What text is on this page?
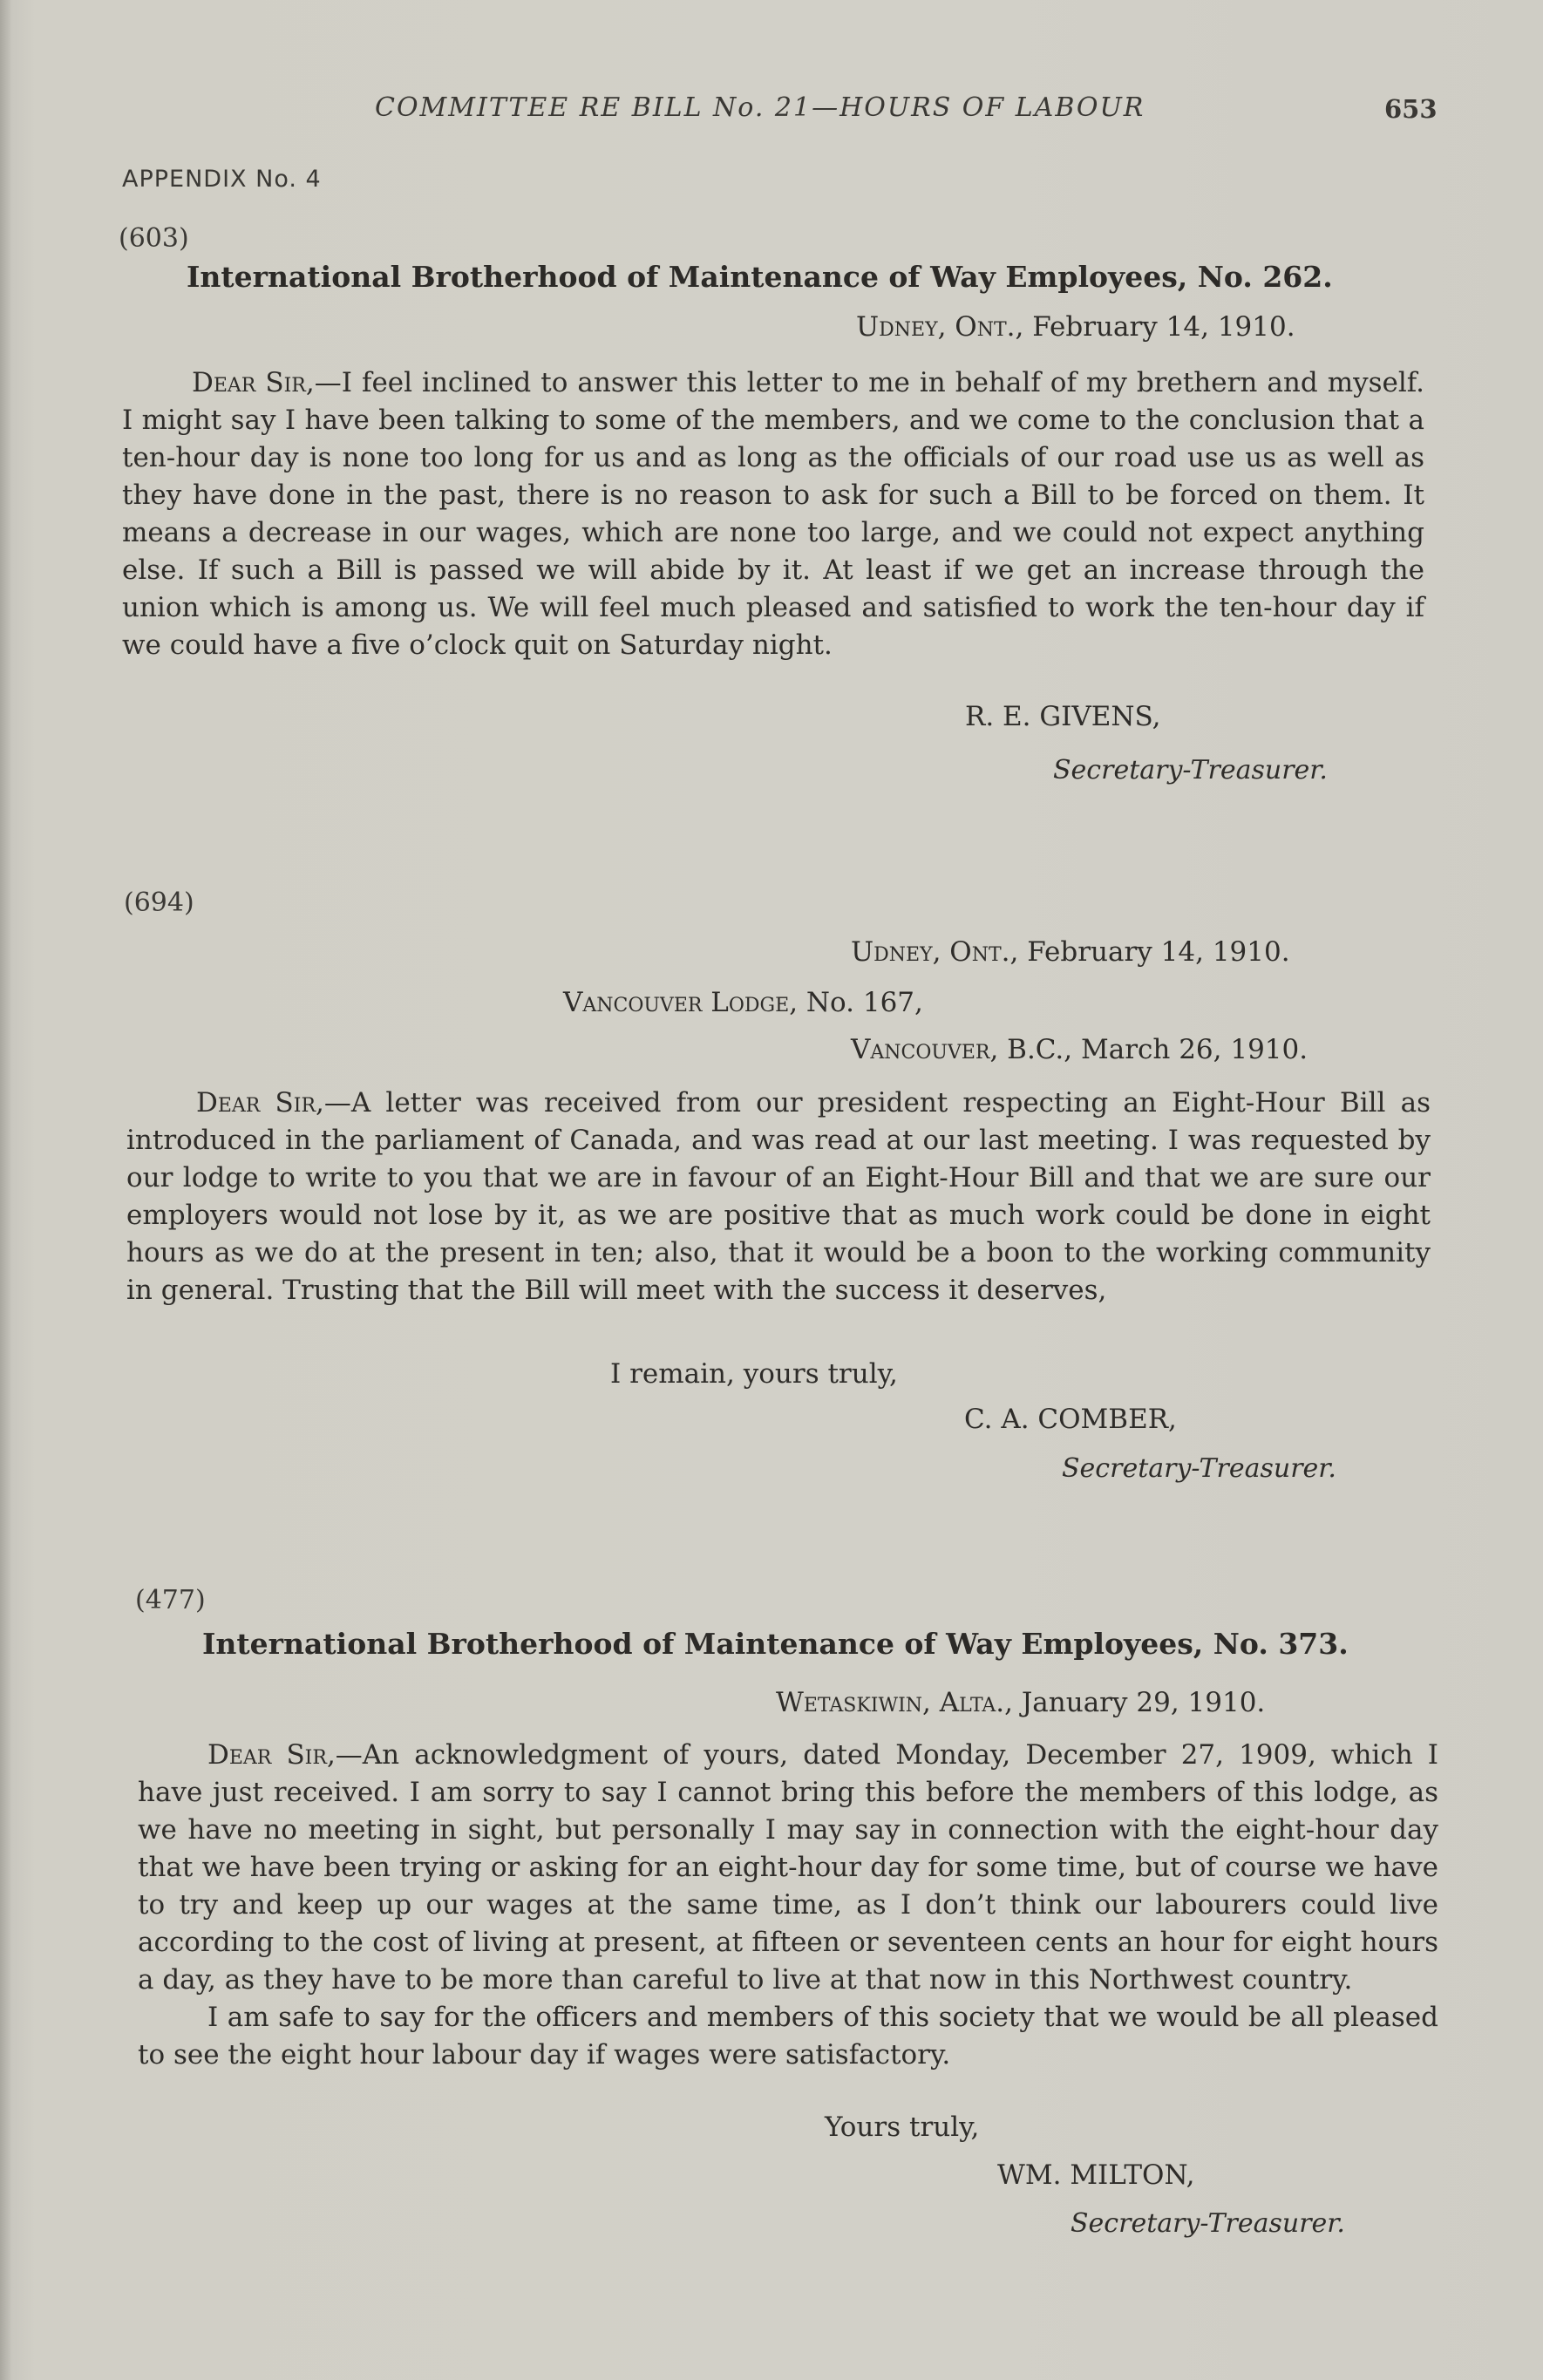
COMMITTEE RE BILL No. 21—HOURS OF LABOUR	653
APPENDIX No. 4
(603)
International Brotherhood of Maintenance of Way Employees, No. 262.
Udney, Ont., February 14, 1910.

Dear Sir,—I feel inclined to answer this letter to me in behalf of my brethern and myself. I might say I have been talking to some of the members, and we come to the conclusion that a ten-hour day is none too long for us and as long as the officials of our road use us as well as they have done in the past, there is no reason to ask for such a Bill to be forced on them. It means a decrease in our wages, which are none too large, and we could not expect anything else. If such a Bill is passed we will abide by it. At least if we get an increase through the union which is among us. We will feel much pleased and satisfied to work the ten-hour day if we could have a five o’clock quit on Saturday night.

R. E. GIVENS,
Secretary-Treasurer.
(694)
Udney, Ont., February 14, 1910.
Vancouver Lodge, No. 167,
Vancouver, B.C., March 26, 1910.

Dear Sir,—A letter was received from our president respecting an Eight-Hour Bill as introduced in the parliament of Canada, and was read at our last meeting. I was requested by our lodge to write to you that we are in favour of an Eight-Hour Bill and that we are sure our employers would not lose by it, as we are positive that as much work could be done in eight hours as we do at the present in ten; also, that it would be a boon to the working community in general. Trusting that the Bill will meet with the success it deserves,

I remain, yours truly,
C. A. COMBER,
Secretary-Treasurer.
(477)
International Brotherhood of Maintenance of Way Employees, No. 373.
Wetaskiwin, Alta., January 29, 1910.

Dear Sir,—An acknowledgment of yours, dated Monday, December 27, 1909, which I have just received. I am sorry to say I cannot bring this before the members of this lodge, as we have no meeting in sight, but personally I may say in connection with the eight-hour day that we have been trying or asking for an eight-hour day for some time, but of course we have to try and keep up our wages at the same time, as I don’t think our labourers could live according to the cost of living at present, at fifteen or seventeen cents an hour for eight hours a day, as they have to be more than careful to live at that now in this Northwest country.

I am safe to say for the officers and members of this society that we would be all pleased to see the eight hour labour day if wages were satisfactory.

Yours truly,
WM. MILTON,
Secretary-Treasurer.
